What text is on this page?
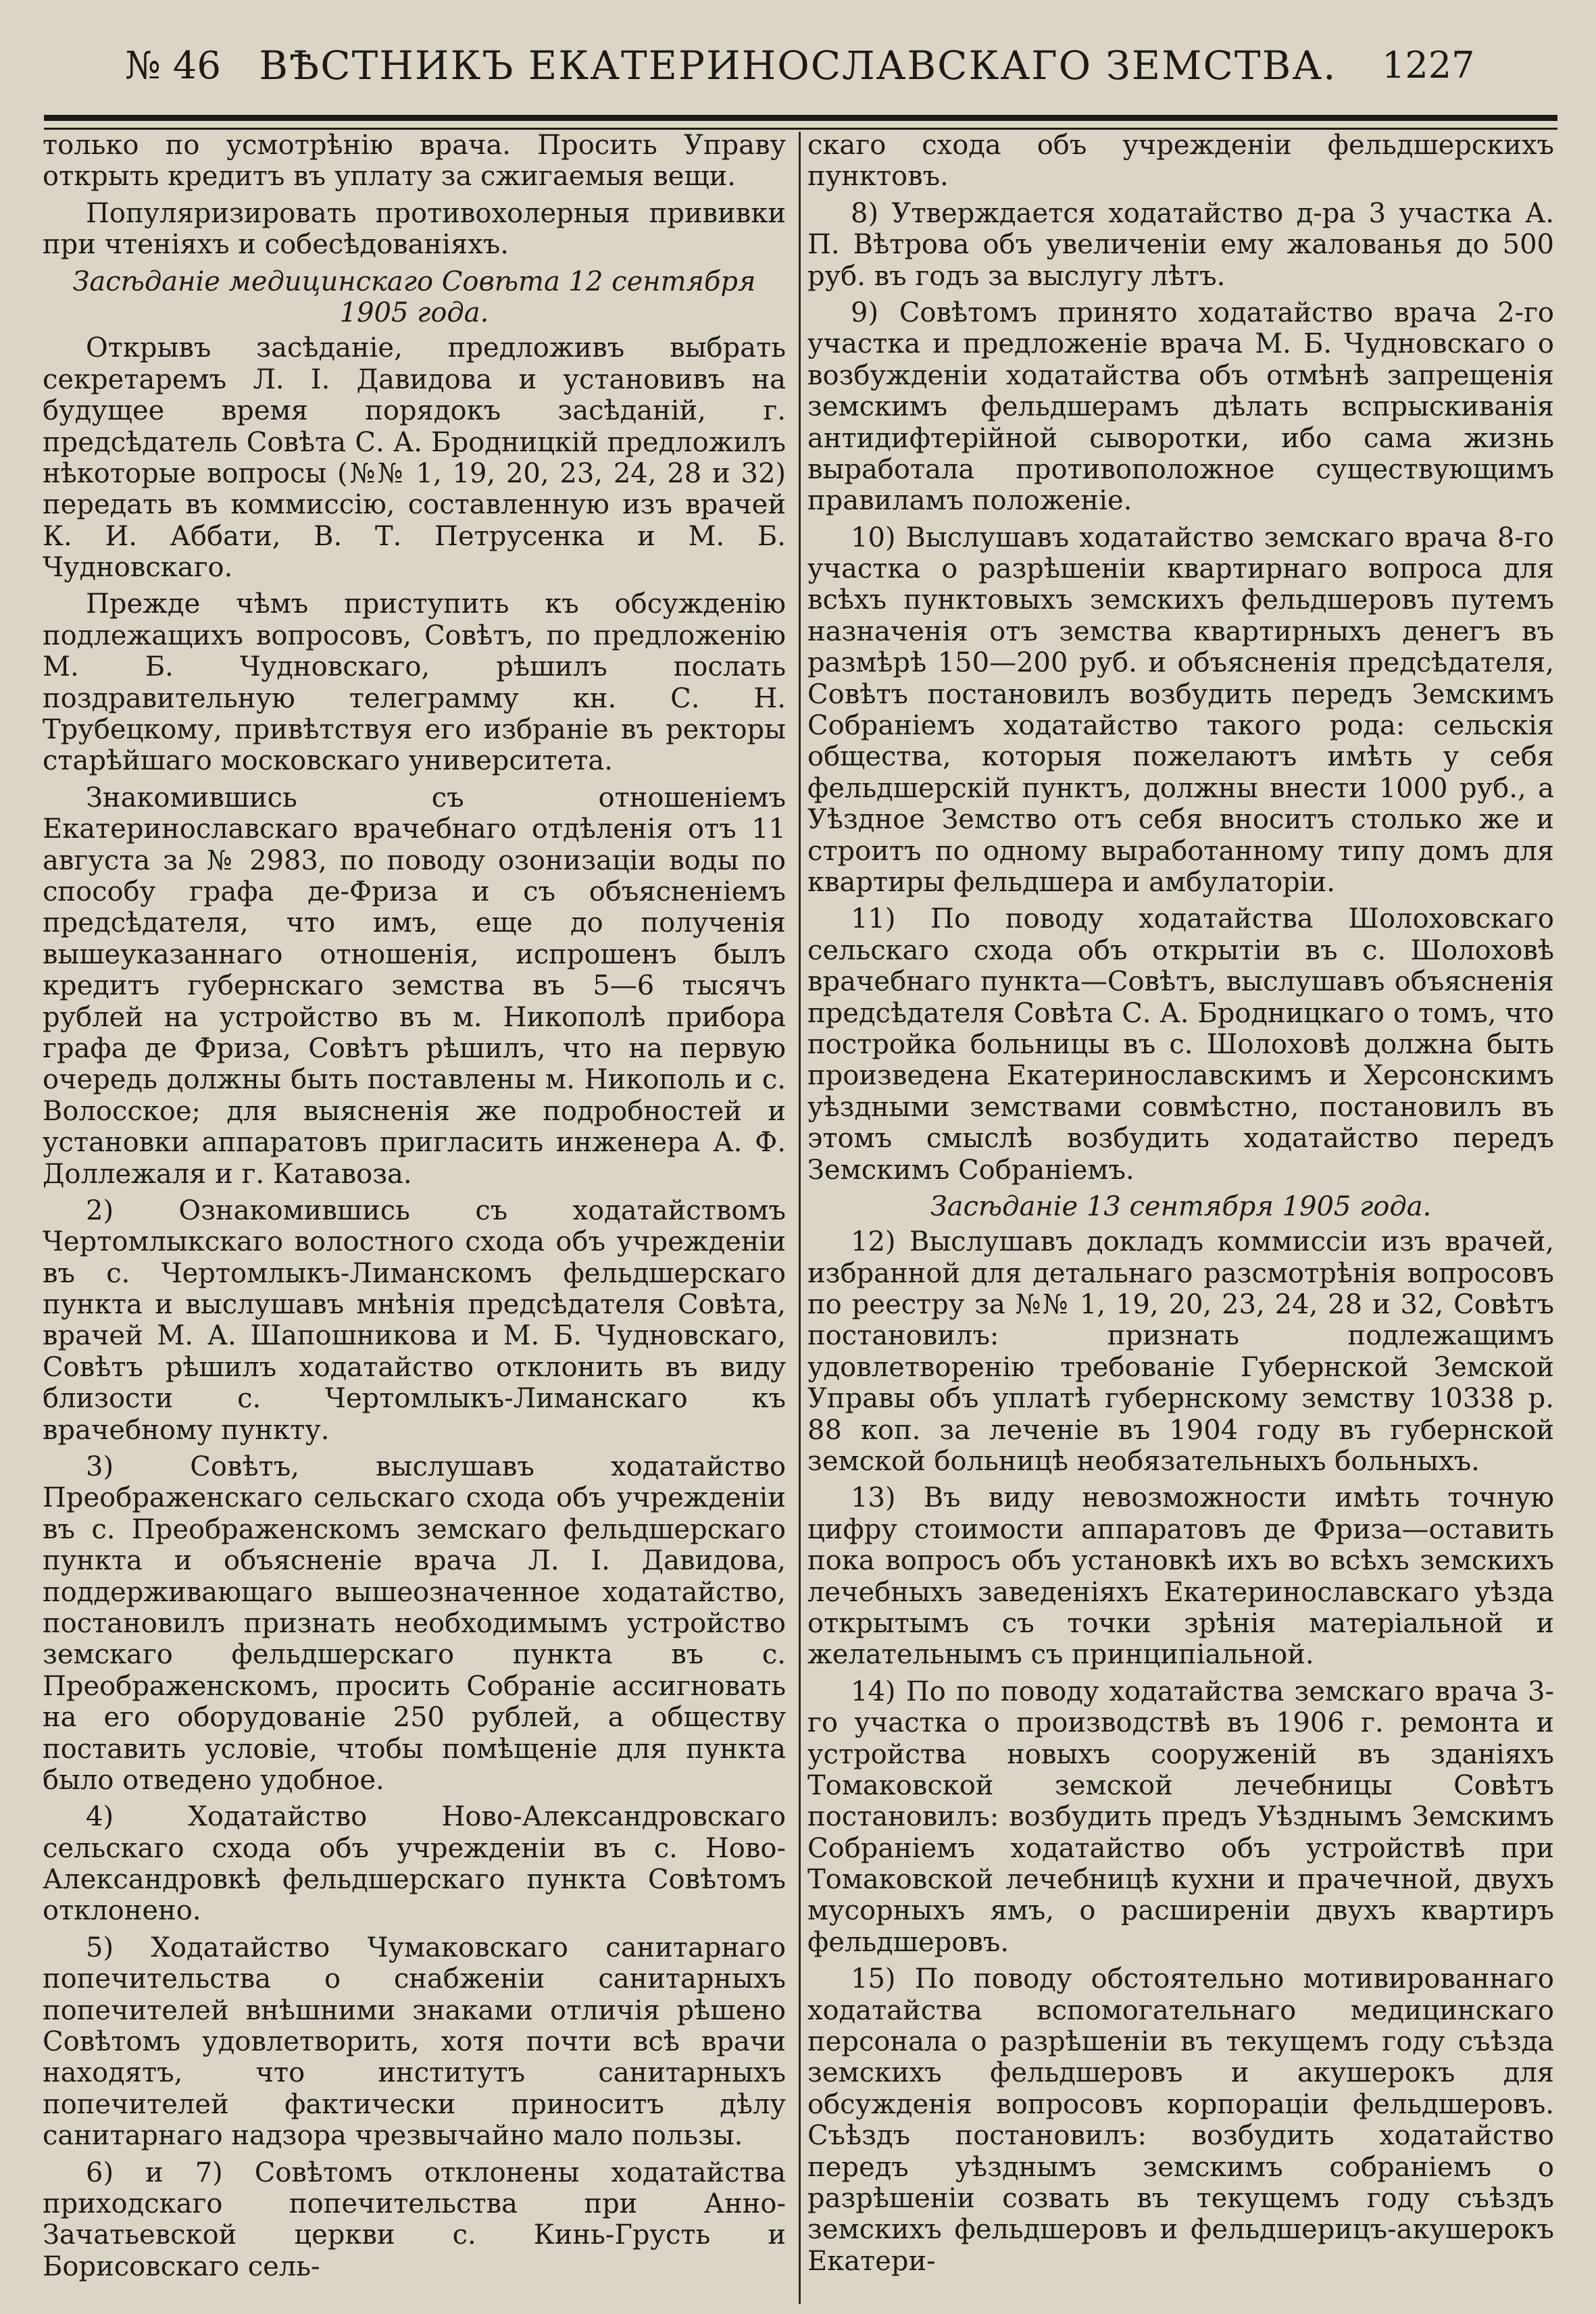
№ 46 ВѢСТНИКЪ ЕКАТЕРИНОСЛАВСКАГО ЗЕМСТВА.	1227

только по усмотрѣнію врача. Просить Управу открыть кредитъ въ уплату за сжигаемыя вещи.

Популяризировать противохолерныя прививки при чтеніяхъ и собесѣдованіяхъ.

Засѣданіе медицинскаго Совѣта 12 сентября 1905 года.

Открывъ засѣданіе, предложивъ выбрать секретаремъ Л. І. Давидова и установивъ на будущее время порядокъ засѣданій, г. предсѣдатель Совѣта С. А. Бродницкій предложилъ нѣкоторые вопросы (№№ 1, 19, 20, 23, 24, 28 и 32) передать въ коммиссію, составленную изъ врачей К. И. Аббати, В. Т. Петрусенка и М. Б. Чудновскаго.

Прежде чѣмъ приступить къ обсужденію подлежащихъ вопросовъ, Совѣтъ, по предложенію М. Б. Чудновскаго, рѣшилъ послать поздравительную телеграмму кн. С. Н. Трубецкому, привѣтствуя его избраніе въ ректоры старѣйшаго московскаго университета.

Знакомившись съ отношеніемъ Екатеринославскаго врачебнаго отдѣленія отъ 11 августа за № 2983, по поводу озонизаціи воды по способу графа де-Фриза и съ объясненіемъ предсѣдателя, что имъ, еще до полученія вышеуказаннаго отношенія, испрошенъ былъ кредитъ губернскаго земства въ 5—6 тысячъ рублей на устройство въ м. Никополѣ прибора графа де Фриза, Совѣтъ рѣшилъ, что на первую очередь должны быть поставлены м. Никополь и с. Волосское; для выясненія же подробностей и установки аппаратовъ пригласить инженера А. Ф. Доллежаля и г. Катавоза.

2) Ознакомившись съ ходатайствомъ Чертомлыкскаго волостного схода объ учрежденіи въ с. Чертомлыкъ-Лиманскомъ фельдшерскаго пункта и выслушавъ мнѣнія предсѣдателя Совѣта, врачей М. А. Шапошникова и М. Б. Чудновскаго, Совѣтъ рѣшилъ ходатайство отклонить въ виду близости с. Чертомлыкъ-Лиманскаго къ врачебному пункту.

3) Совѣтъ, выслушавъ ходатайство Преображенскаго сельскаго схода объ учрежденіи въ с. Преображенскомъ земскаго фельдшерскаго пункта и объясненіе врача Л. І. Давидова, поддерживающаго вышеозначенное ходатайство, постановилъ признать необходимымъ устройство земскаго фельдшерскаго пункта въ с. Преображенскомъ, просить Собраніе ассигновать на его оборудованіе 250 рублей, а обществу поставить условіе, чтобы помѣщеніе для пункта было отведено удобное.

4) Ходатайство Ново-Александровскаго сельскаго схода объ учрежденіи въ с. Ново-Александровкѣ фельдшерскаго пункта Совѣтомъ отклонено.

5) Ходатайство Чумаковскаго санитарнаго попечительства о снабженіи санитарныхъ попечителей внѣшними знаками отличія рѣшено Совѣтомъ удовлетворить, хотя почти всѣ врачи находятъ, что институтъ санитарныхъ попечителей фактически приноситъ дѣлу санитарнаго надзора чрезвычайно мало пользы.

6) и 7) Совѣтомъ отклонены ходатайства приходскаго попечительства при Анно-Зачатьевской церкви с. Кинь-Грусть и Борисовскаго сель-

скаго схода объ учрежденіи фельдшерскихъ пунктовъ.

8) Утверждается ходатайство д-ра 3 участка А. П. Вѣтрова объ увеличеніи ему жалованья до 500 руб. въ годъ за выслугу лѣтъ.

9) Совѣтомъ принято ходатайство врача 2-го участка и предложеніе врача М. Б. Чудновскаго о возбужденіи ходатайства объ отмѣнѣ запрещенія земскимъ фельдшерамъ дѣлать вспрыскиванія антидифтерійной сыворотки, ибо сама жизнь выработала противоположное существующимъ правиламъ положеніе.

10) Выслушавъ ходатайство земскаго врача 8-го участка о разрѣшеніи квартирнаго вопроса для всѣхъ пунктовыхъ земскихъ фельдшеровъ путемъ назначенія отъ земства квартирныхъ денегъ въ размѣрѣ 150—200 руб. и объясненія предсѣдателя, Совѣтъ постановилъ возбудить передъ Земскимъ Собраніемъ ходатайство такого рода: сельскія общества, которыя пожелаютъ имѣть у себя фельдшерскій пунктъ, должны внести 1000 руб., а Уѣздное Земство отъ себя вноситъ столько же и строитъ по одному выработанному типу домъ для квартиры фельдшера и амбулаторіи.

11) По поводу ходатайства Шолоховскаго сельскаго схода объ открытіи въ с. Шолоховѣ врачебнаго пункта—Совѣтъ, выслушавъ объясненія предсѣдателя Совѣта С. А. Бродницкаго о томъ, что постройка больницы въ с. Шолоховѣ должна быть произведена Екатеринославскимъ и Херсонскимъ уѣздными земствами совмѣстно, постановилъ въ этомъ смыслѣ возбудить ходатайство передъ Земскимъ Собраніемъ.

Засѣданіе 13 сентября 1905 года.

12) Выслушавъ докладъ коммиссіи изъ врачей, избранной для детальнаго разсмотрѣнія вопросовъ по реестру за №№ 1, 19, 20, 23, 24, 28 и 32, Совѣтъ постановилъ: признать подлежащимъ удовлетворенію требованіе Губернской Земской Управы объ уплатѣ губернскому земству 10338 р. 88 коп. за леченіе въ 1904 году въ губернской земской больницѣ необязательныхъ больныхъ.

13) Въ виду невозможности имѣть точную цифру стоимости аппаратовъ де Фриза—оставить пока вопросъ объ установкѣ ихъ во всѣхъ земскихъ лечебныхъ заведеніяхъ Екатеринославскаго уѣзда открытымъ съ точки зрѣнія матеріальной и желательнымъ съ принципіальной.

14) По по поводу ходатайства земскаго врача 3-го участка о производствѣ въ 1906 г. ремонта и устройства новыхъ сооруженій въ зданіяхъ Томаковской земской лечебницы Совѣтъ постановилъ: возбудить предъ Уѣзднымъ Земскимъ Собраніемъ ходатайство объ устройствѣ при Томаковской лечебницѣ кухни и прачечной, двухъ мусорныхъ ямъ, о расширеніи двухъ квартиръ фельдшеровъ.

15) По поводу обстоятельно мотивированнаго ходатайства вспомогательнаго медицинскаго персонала о разрѣшеніи въ текущемъ году съѣзда земскихъ фельдшеровъ и акушерокъ для обсужденія вопросовъ корпораціи фельдшеровъ. Съѣздъ постановилъ: возбудить ходатайство передъ уѣзднымъ земскимъ собраніемъ о разрѣшеніи созвать въ текущемъ году съѣздъ земскихъ фельдшеровъ и фельдшерицъ-акушерокъ Екатери-
